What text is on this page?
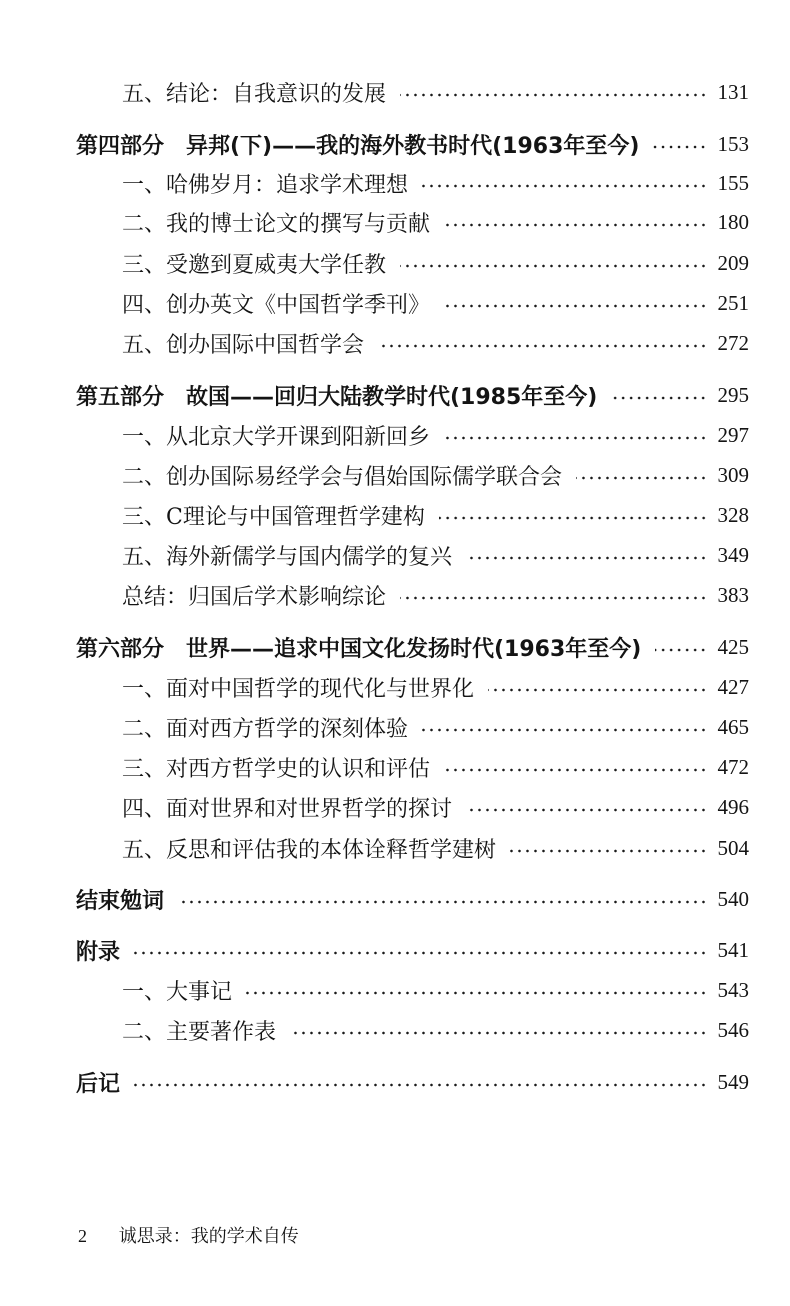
五、结论：自我意识的发展	131
第四部分　异邦(下)——我的海外教书时代(1963年至今)	153
一、哈佛岁月：追求学术理想	155
二、我的博士论文的撰写与贡献	180
三、受邀到夏威夷大学任教	209
四、创办英文《中国哲学季刊》	251
五、创办国际中国哲学会	272
第五部分　故国——回归大陆教学时代(1985年至今)	295
一、从北京大学开课到阳新回乡	297
二、创办国际易经学会与倡始国际儒学联合会	309
三、C理论与中国管理哲学建构	328
五、海外新儒学与国内儒学的复兴	349
总结：归国后学术影响综论	383
第六部分　世界——追求中国文化发扬时代(1963年至今)	425
一、面对中国哲学的现代化与世界化	427
二、面对西方哲学的深刻体验	465
三、对西方哲学史的认识和评估	472
四、面对世界和对世界哲学的探讨	496
五、反思和评估我的本体诠释哲学建树	504
结束勉词	540
附录	541
一、大事记	543
二、主要著作表	546
后记	549
2 诚思录：我的学术自传
